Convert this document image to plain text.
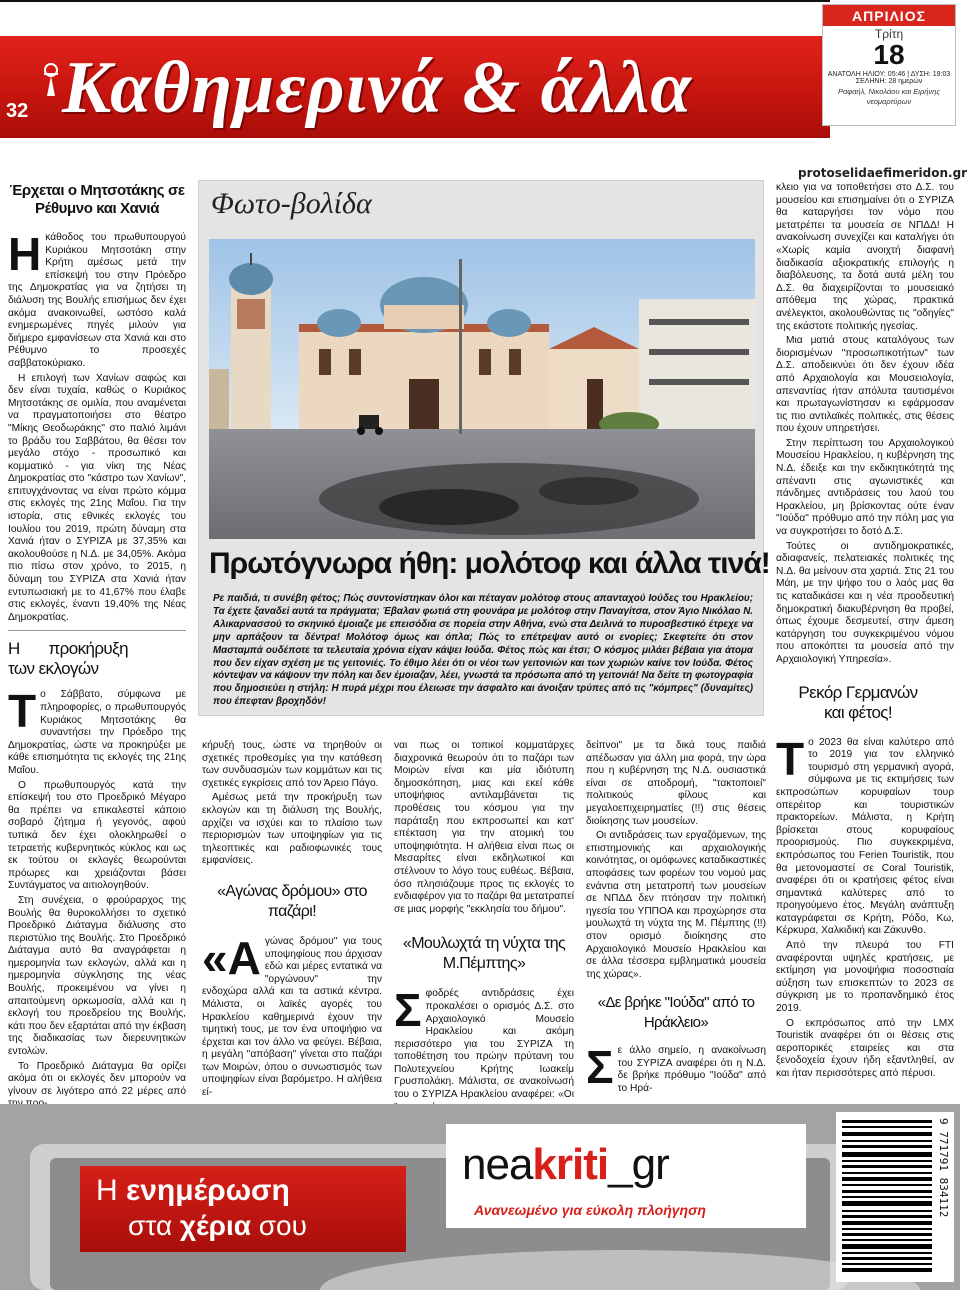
32 Καθημερινά & άλλα
ΑΠΡΙΛΙΟΣ
Τρίτη
18
ΑΝΑΤΟΛΗ ΗΛΙΟΥ: 05:46 | ΔΥΣΗ: 19:03
ΣΕΛΗΝΗ: 28 ημερών
Ραφαήλ, Νικολάου και Ειρήνης νεομαρτύρων
protoselidaefimeridon.gr
Έρχεται ο Μητσοτάκης σε Ρέθυμνο και Χανιά

Ηκάθοδος του πρωθυπουργού Κυριάκου Μητσοτάκη στην Κρήτη αμέσως μετά την επίσκεψή του στην Πρόεδρο της Δημοκρατίας για να ζητήσει τη διάλυση της Βουλής επισήμως δεν έχει ακόμα ανακοινωθεί, ωστόσο καλά ενημερωμένες πηγές μιλούν για διήμερο εμφανίσεων στα Χανιά και στο Ρέθυμνο το προσεχές σαββατοκύριακο.

Η επιλογή των Χανίων σαφώς και δεν είναι τυχαία, καθώς ο Κυριάκος Μητσοτάκης σε ομιλία, που αναμένεται να πραγματοποιήσει στο θέατρο "Μίκης Θεοδωράκης" στο παλιό λιμάνι το βράδυ του Σαββάτου, θα θέσει τον μεγάλο στόχο - προσωπικό και κομματικό - για νίκη της Νέας Δημοκρατίας στο "κάστρο των Χανίων", επιτυγχάνοντας να είναι πρώτο κόμμα στις εκλογές της 21ης Μαΐου. Για την ιστορία, στις εθνικές εκλογές του Ιουλίου του 2019, πρώτη δύναμη στα Χανιά ήταν ο ΣΥΡΙΖΑ με 37,35% και ακολουθούσε η Ν.Δ. με 34,05%. Ακόμα πιο πίσω στον χρόνο, το 2015, η δύναμη του ΣΥΡΙΖΑ στα Χανιά ήταν εντυπωσιακή με το 41,67% που έλαβε στις εκλογές, έναντι 19,40% της Νέας Δημοκρατίας.

Η προκήρυξη των εκλογών

Το Σάββατο, σύμφωνα με πληροφορίες, ο πρωθυπουργός Κυριάκος Μητσοτάκης θα συναντήσει την Πρόεδρο της Δημοκρατίας, ώστε να προκηρύξει με κάθε επισημότητα τις εκλογές της 21ης Μαΐου.

Ο πρωθυπουργός κατά την επίσκεψή του στο Προεδρικό Μέγαρο θα πρέπει να επικαλεστεί κάποιο σοβαρό ζήτημα ή γεγονός, αφού τυπικά δεν έχει ολοκληρωθεί ο τετραετής κυβερνητικός κύκλος και ως εκ τούτου οι εκλογές θεωρούνται πρόωρες και χρειάζονται βάσει Συντάγματος να αιτιολογηθούν.

Στη συνέχεια, ο φρούραρχος της Βουλής θα θυροκολλήσει το σχετικό Προεδρικό Διάταγμα διάλυσης στο περιστύλιο της Βουλής. Στο Προεδρικό Διάταγμα αυτό θα αναγράφεται η ημερομηνία των εκλογών, αλλά και η ημερομηνία σύγκλησης της νέας Βουλής, προκειμένου να γίνει η απαιτούμενη ορκωμοσία, αλλά και η εκλογή του προεδρείου της Βουλής, κάτι που δεν εξαρτάται από την έκβαση της διαδικασίας των διερευνητικών εντολών.

Το Προεδρικό Διάταγμα θα ορίζει ακόμα ότι οι εκλογές δεν μπορούν να γίνουν σε λιγότερο από 22 μέρες από

Φωτο-βολίδα
Πρωτόγνωρα ήθη: μολότοφ και άλλα τινά!
Ρε παιδιά, τι συνέβη φέτος; Πώς συντονίστηκαν όλοι και πέταγαν μολότοφ στους απανταχού Ιούδες του Ηρακλείου; Τα έχετε ξαναδεί αυτά τα πράγματα; Έβαλαν φωτιά στη φουνάρα με μολότοφ στην Παναγίτσα, στον Άγιο Νικόλαο Ν. Αλικαρνασσού το σκηνικό έμοιαζε με επεισόδια σε πορεία στην Αθήνα, ενώ στα Δειλινά το πυροσβεστικό έτρεχε να μην αρπάξουν τα δέντρα! Μολότοφ όμως και όπλα; Πώς το επέτρεψαν αυτό οι ενορίες; Σκεφτείτε ότι στον Μασταμπά ουδέποτε τα τελευταία χρόνια είχαν κάψει Ιούδα. Φέτος πώς και έτσι; Ο κόσμος μιλάει βέβαια για άτομα που δεν είχαν σχέση με τις γειτονιές. Το έθιμο λέει ότι οι νέοι των γειτονιών και των χωριών καίνε τον Ιούδα. Φέτος κόντεψαν να κάψουν την πόλη και δεν έμοιαζαν, λέει, γνωστά τα πρόσωπα από τη γειτονιά! Να δείτε τη φωτογραφία που δημοσιεύει η στήλη: Η πυρά μέχρι που έλειωσε την άσφαλτο και άνοιξαν τρύπες από τις "κόμπρες" (δυναμίτες) που έπεφταν βροχηδόν!

κήρυξή τους, ώστε να τηρηθούν οι σχετικές προθεσμίες για την κατάθεση των συνδυασμών των κομμάτων και τις σχετικές εγκρίσεις από τον Άρειο Πάγο.

Αμέσως μετά την προκήρυξη των εκλογών και τη διάλυση της Βουλής, αρχίζει να ισχύει και το πλαίσιο των περιορισμών των υποψηφίων για τις τηλεοπτικές και ραδιοφωνικές τους εμφανίσεις.

«Αγώνας δρόμου» στο παζάρι!

«Αγώνας δρόμου" για τους υποψηφίους που άρχισαν εδώ και μέρες εντατικά να "οργώνουν" την ενδοχώρα αλλά και τα αστικά κέντρα. Μάλιστα, οι λαϊκές αγορές του Ηρακλείου καθημερινά έχουν την τιμητική τους, με τον ένα υποψήφιο να έρχεται και τον άλλο να φεύγει. Βέβαια, η μεγάλη "απόβαση" γίνεται στο παζάρι των Μοιρών, όπου ο συνωστισμός των υποψηφίων είναι βαρόμετρο. Η αλήθεια εί-

ναι πως οι τοπικοί κομματάρχες διαχρονικά θεωρούν ότι το παζάρι των Μοιρών είναι και μία ιδιότυπη δημοσκόπηση, μιας και εκεί κάθε υποψήφιος αντιλαμβάνεται τις προθέσεις του κόσμου για την παράταξη που εκπροσωπεί και κατ' επέκταση για την ατομική του υποψηφιότητα. Η αλήθεια είναι πως οι Μεσαρίτες είναι εκδηλωτικοί και στέλνουν το λόγο τους ευθέως. Βέβαια, όσο πλησιάζουμε προς τις εκλογές το ενδιαφέρον για το παζάρι θα μετατραπεί σε μιας μορφής "εκκλησία του δήμου".

«Μουλωχτά τη νύχτα της Μ.Πέμπτης»

Σφοδρές αντιδράσεις έχει προκαλέσει ο ορισμός Δ.Σ. στο Αρχαιολογικό Μουσείο Ηρακλείου και ακόμη περισσότερο για του ΣΥΡΙΖΑ τη τοποθέτηση του πρώην πρύτανη του Πολυτεχνείου Κρήτης Ιωακείμ Γρυσπολάκη. Μάλιστα, σε ανακοίνωσή του ο ΣΥΡΙΖΑ Ηρακλείου αναφέρει: «Οι

δείπνοι" με τα δικά τους παιδιά απέδωσαν για άλλη μια φορά, την ώρα που η κυβέρνηση της Ν.Δ. ουσιαστικά είναι σε αποδρομή, "τακτοποιεί" πολιτικούς φίλους και μεγαλοεπιχειρηματίες (!!) στις θέσεις διοίκησης των μουσείων.

Οι αντιδράσεις των εργαζόμενων, της επιστημονικής και αρχαιολογικής κοινότητας, οι ομόφωνες καταδικαστικές αποφάσεις των φορέων του νομού μας ενάντια στη μετατροπή των μουσείων σε ΝΠΔΔ δεν πτόησαν την πολιτική ηγεσία του ΥΠΠΟΑ και προχώρησε στα μουλωχτά τη νύχτα της Μ. Πέμπτης (!!) στον ορισμό διοίκησης στο Αρχαιολογικό Μουσείο Ηρακλείου και σε άλλα τέσσερα εμβληματικά μουσεία της χώρας».

«Δε βρήκε "Ιούδα" από το Ηράκλειο»

Σε άλλο σημείο, η ανακοίνωση του ΣΥΡΙΖΑ αναφέρει ότι η Ν.Δ. δε βρήκε πρόθυμο "Ιούδα" από το Ηρά-

κλειο για να τοποθετήσει στο Δ.Σ. του μουσείου και επισημαίνει ότι ο ΣΥΡΙΖΑ θα καταργήσει τον νόμο που μετατρέπει τα μουσεία σε ΝΠΔΔ! Η ανακοίνωση συνεχίζει και καταλήγει ότι «Χωρίς καμία ανοιχτή διαφανή διαδικασία αξιοκρατικής επιλογής η διαβόλευσης, τα δοτά αυτά μέλη του Δ.Σ. θα διαχειρίζονται το μουσειακό απόθεμα της χώρας, πρακτικά ανέλεγκτοι, ακολουθώντας τις "οδηγίες" της εκάστοτε πολιτικής ηγεσίας.

Μια ματιά στους καταλόγους των διορισμένων "προσωπικοτήτων" των Δ.Σ. αποδεικνύει ότι δεν έχουν ιδέα από Αρχαιολογία και Μουσειολογία, απεναντίας ήταν απόλυτα ταυτισμένοι και πρωταγωνίστησαν κι εφάρμοσαν τις πιο αντιλαϊκές πολιτικές, στις θέσεις που έχουν υπηρετήσει.

Στην περίπτωση του Αρχαιολογικού Μουσείου Ηρακλείου, η κυβέρνηση της Ν.Δ. έδειξε και την εκδικητικότητά της απέναντι στις αγωνιστικές και πάνδημες αντιδράσεις του λαού του Ηρακλείου, μη βρίσκοντας ούτε έναν "Ιούδα" πρόθυμο από την πόλη μας για να συγκροτήσει το δοτό Δ.Σ.

Τούτες οι αντιδημοκρατικές, αδιαφανείς, πελατειακές πολιτικές της Ν.Δ. θα μείνουν στα χαρτιά. Στις 21 του Μάη, με την ψήφο του ο λαός μας θα τις καταδικάσει και η νέα προοδευτική δημοκρατική διακυβέρνηση θα προβεί, όπως έχουμε δεσμευτεί, στην άμεση κατάργηση του συγκεκριμένου νόμου που αποκόπτει τα μουσεία από την Αρχαιολογική Υπηρεσία».

Ρεκόρ Γερμανών και φέτος!

Το 2023 θα είναι καλύτερο από το 2019 για τον ελληνικό τουρισμό στη γερμανική αγορά, σύμφωνα με τις εκτιμήσεις των εκπροσώπων κορυφαίων τουρ οπερέιτορ και τουριστικών πρακτορείων. Μάλιστα, η Κρήτη βρίσκεται στους κορυφαίους προορισμούς. Πιο συγκεκριμένα, εκπρόσωπος του Ferien Touristik, που θα μετονομαστεί σε Coral Touristik, αναφέρει ότι οι κρατήσεις φέτος είναι σημαντικά καλύτερες από το προηγούμενο έτος. Μεγάλη ανάπτυξη καταγράφεται σε Κρήτη, Ρόδο, Κω, Κέρκυρα, Χαλκιδική και Ζάκυνθο.

Από την πλευρά του FTI αναφέρονται υψηλές κρατήσεις, με εκτίμηση για μονοψήφια ποσοστιαία αύξηση των επισκεπτών το 2023 σε σύγκριση με το προπανδημικό έτος 2019.

Ο εκπρόσωπος από την LMX Touristik αναφέρει ότι οι θέσεις στις αεροπορικές εταιρείες και στα ξενοδοχεία έχουν ήδη εξαντληθεί, αν και ήταν περισσότερες από πέρυσι.

Η ενημέρωση
στα χέρια σου
neakriti_gr
Ανανεωμένο για εύκολη πλοήγηση	9 771791 834112
